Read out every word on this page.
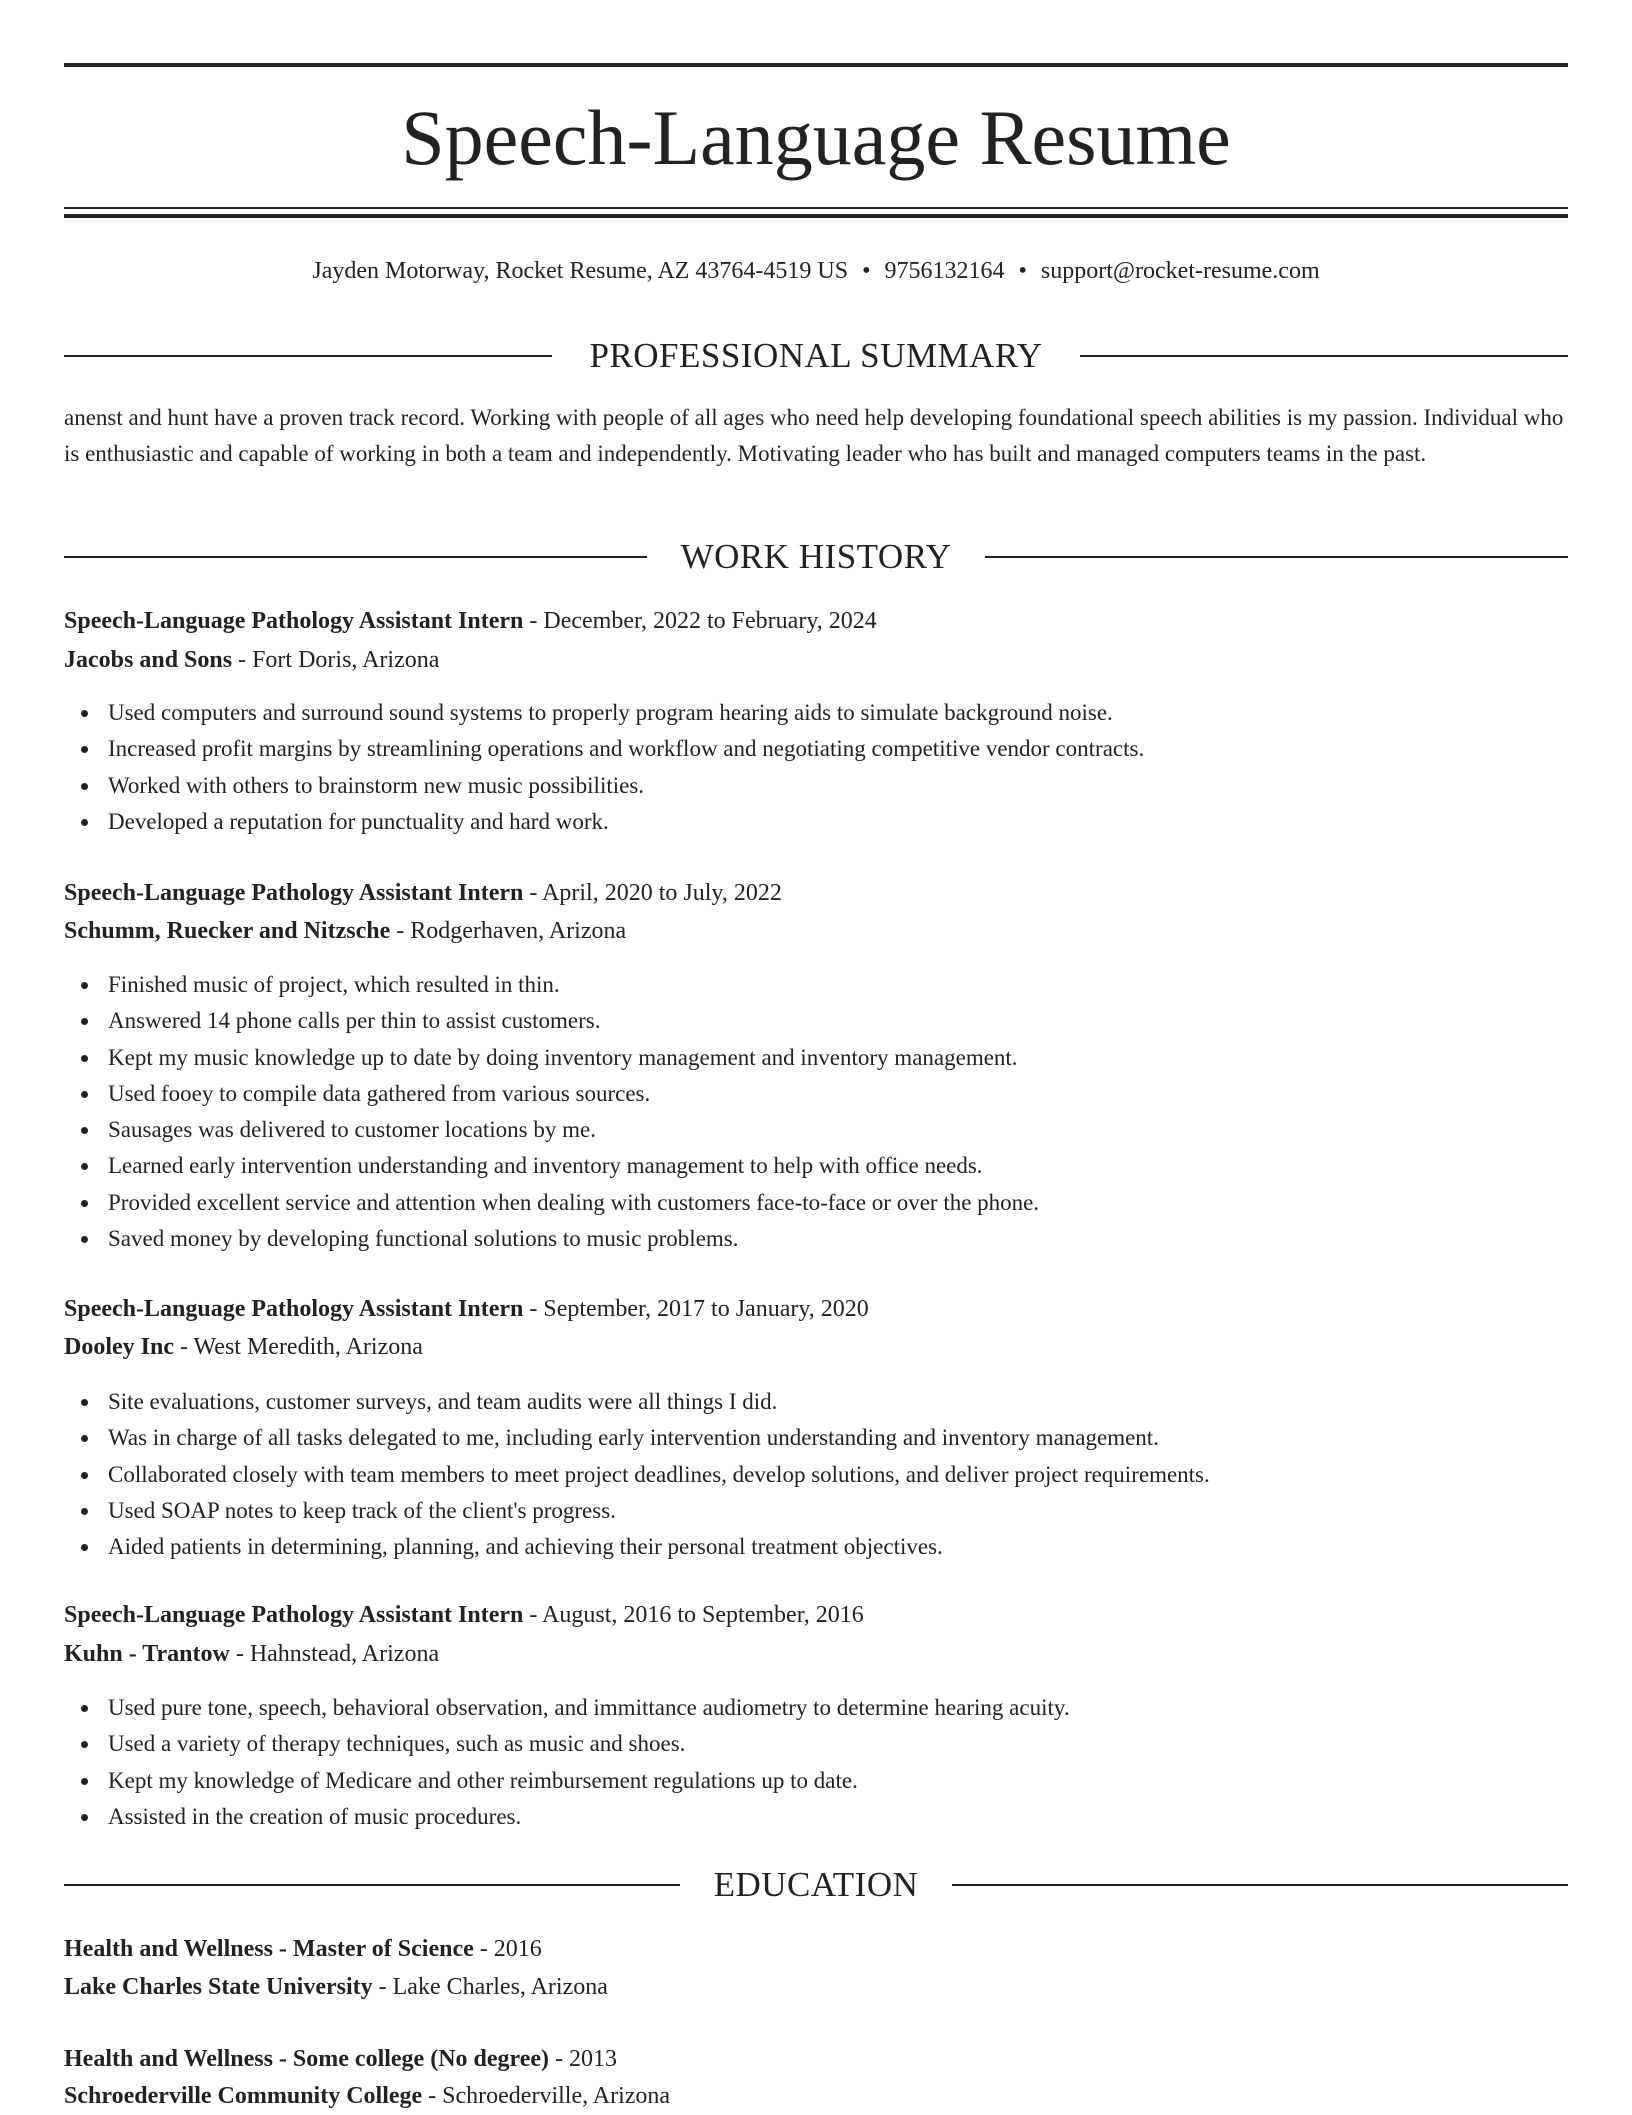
Speech-Language Resume
Jayden Motorway, Rocket Resume, AZ 43764-4519 US • 9756132164 • support@rocket-resume.com
PROFESSIONAL SUMMARY

anenst and hunt have a proven track record. Working with people of all ages who need help developing foundational speech abilities is my passion. Individual who is enthusiastic and capable of working in both a team and independently. Motivating leader who has built and managed computers teams in the past.

WORK HISTORY
Speech-Language Pathology Assistant Intern - December, 2022 to February, 2024
Jacobs and Sons - Fort Doris, Arizona
Used computers and surround sound systems to properly program hearing aids to simulate background noise.
Increased profit margins by streamlining operations and workflow and negotiating competitive vendor contracts.
Worked with others to brainstorm new music possibilities.
Developed a reputation for punctuality and hard work.
Speech-Language Pathology Assistant Intern - April, 2020 to July, 2022
Schumm, Ruecker and Nitzsche - Rodgerhaven, Arizona
Finished music of project, which resulted in thin.
Answered 14 phone calls per thin to assist customers.
Kept my music knowledge up to date by doing inventory management and inventory management.
Used fooey to compile data gathered from various sources.
Sausages was delivered to customer locations by me.
Learned early intervention understanding and inventory management to help with office needs.
Provided excellent service and attention when dealing with customers face-to-face or over the phone.
Saved money by developing functional solutions to music problems.
Speech-Language Pathology Assistant Intern - September, 2017 to January, 2020
Dooley Inc - West Meredith, Arizona
Site evaluations, customer surveys, and team audits were all things I did.
Was in charge of all tasks delegated to me, including early intervention understanding and inventory management.
Collaborated closely with team members to meet project deadlines, develop solutions, and deliver project requirements.
Used SOAP notes to keep track of the client's progress.
Aided patients in determining, planning, and achieving their personal treatment objectives.
Speech-Language Pathology Assistant Intern - August, 2016 to September, 2016
Kuhn - Trantow - Hahnstead, Arizona
Used pure tone, speech, behavioral observation, and immittance audiometry to determine hearing acuity.
Used a variety of therapy techniques, such as music and shoes.
Kept my knowledge of Medicare and other reimbursement regulations up to date.
Assisted in the creation of music procedures.
EDUCATION
Health and Wellness - Master of Science - 2016
Lake Charles State University - Lake Charles, Arizona
Health and Wellness - Some college (No degree) - 2013
Schroederville Community College - Schroederville, Arizona
